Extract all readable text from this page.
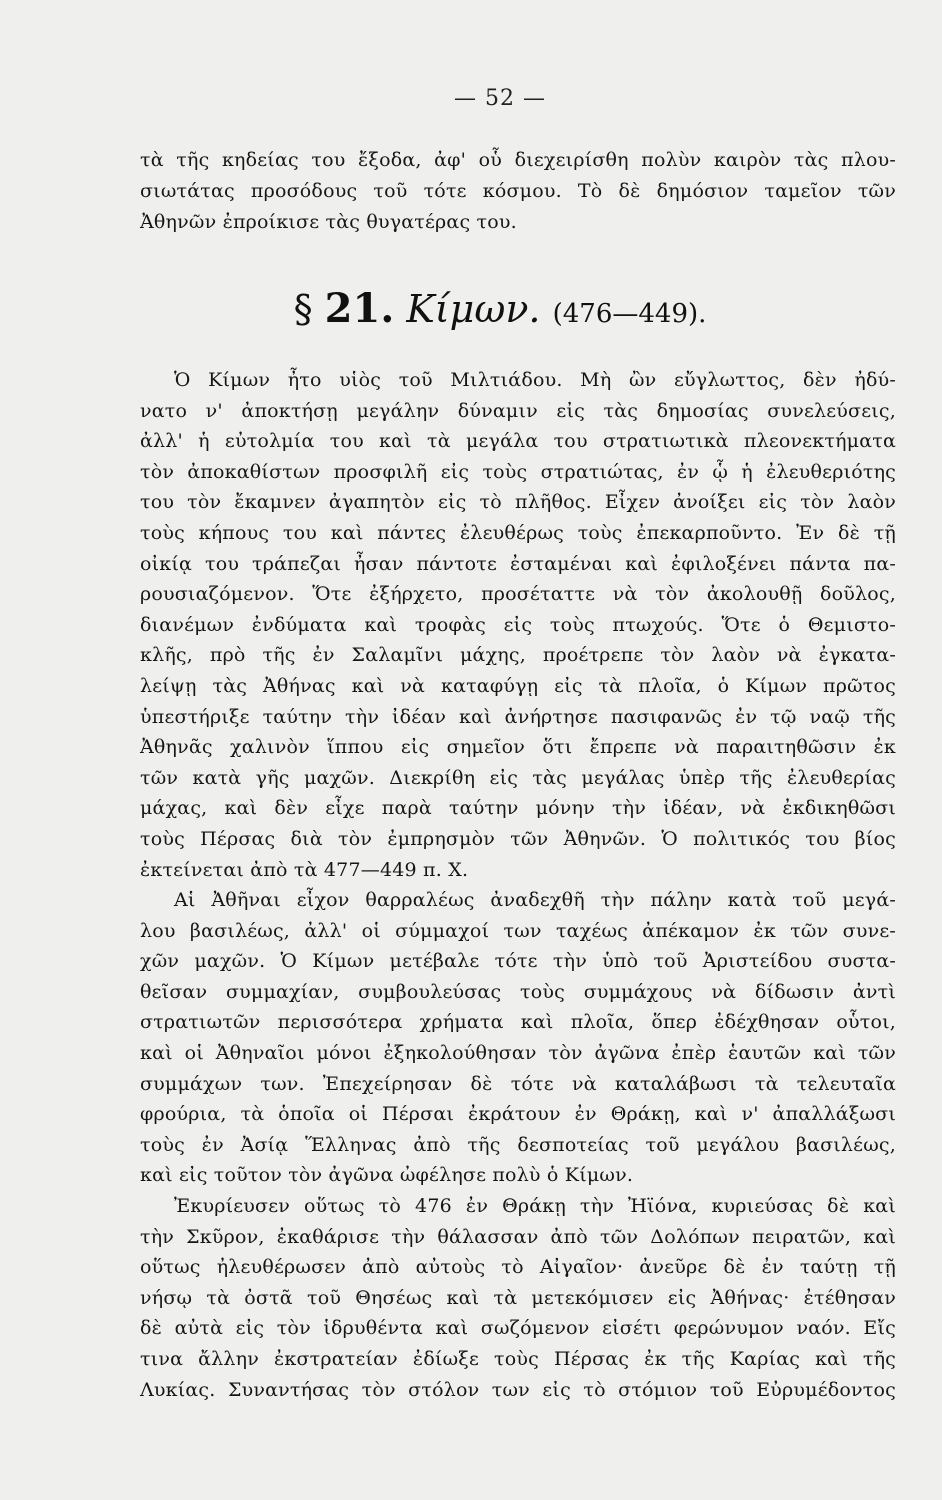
— 52 —
τὰ τῆς κηδείας του ἔξοδα, ἀφ' οὗ διεχειρίσθη πολὺν καιρὸν τὰς πλου-
σιωτάτας προσόδους τοῦ τότε κόσμου. Τὸ δὲ δημόσιον ταμεῖον τῶν
Ἀθηνῶν ἐπροίκισε τὰς θυγατέρας του.
§ 21. Κίμων. (476—449).
Ὁ Κίμων ἦτο υἱὸς τοῦ Μιλτιάδου. Μὴ ὢν εὔγλωττος, δὲν ἠδύ-
νατο ν' ἀποκτήσῃ μεγάλην δύναμιν εἰς τὰς δημοσίας συνελεύσεις,
ἀλλ' ἡ εὐτολμία του καὶ τὰ μεγάλα του στρατιωτικὰ πλεονεκτήματα
τὸν ἀποκαθίστων προσφιλῆ εἰς τοὺς στρατιώτας, ἐν ᾧ ἡ ἐλευθεριότης
του τὸν ἔκαμνεν ἀγαπητὸν εἰς τὸ πλῆθος. Εἶχεν ἀνοίξει εἰς τὸν λαὸν
τοὺς κήπους του καὶ πάντες ἐλευθέρως τοὺς ἐπεκαρποῦντο. Ἐν δὲ τῇ
οἰκίᾳ του τράπεζαι ἦσαν πάντοτε ἐσταμέναι καὶ ἐφιλοξένει πάντα πα-
ρουσιαζόμενον. Ὅτε ἐξήρχετο, προσέταττε νὰ τὸν ἀκολουθῇ δοῦλος,
διανέμων ἐνδύματα καὶ τροφὰς εἰς τοὺς πτωχούς. Ὅτε ὁ Θεμιστο-
κλῆς, πρὸ τῆς ἐν Σαλαμῖνι μάχης, προέτρεπε τὸν λαὸν νὰ ἐγκατα-
λείψῃ τὰς Ἀθήνας καὶ νὰ καταφύγῃ εἰς τὰ πλοῖα, ὁ Κίμων πρῶτος
ὑπεστήριξε ταύτην τὴν ἰδέαν καὶ ἀνήρτησε πασιφανῶς ἐν τῷ ναῷ τῆς
Ἀθηνᾶς χαλινὸν ἵππου εἰς σημεῖον ὅτι ἔπρεπε νὰ παραιτηθῶσιν ἐκ
τῶν κατὰ γῆς μαχῶν. Διεκρίθη εἰς τὰς μεγάλας ὑπὲρ τῆς ἐλευθερίας
μάχας, καὶ δὲν εἶχε παρὰ ταύτην μόνην τὴν ἰδέαν, νὰ ἐκδικηθῶσι
τοὺς Πέρσας διὰ τὸν ἐμπρησμὸν τῶν Ἀθηνῶν. Ὁ πολιτικός του βίος
ἐκτείνεται ἀπὸ τὰ 477—449 π. Χ.
Αἱ Ἀθῆναι εἶχον θαρραλέως ἀναδεχθῆ τὴν πάλην κατὰ τοῦ μεγά-
λου βασιλέως, ἀλλ' οἱ σύμμαχοί των ταχέως ἀπέκαμον ἐκ τῶν συνε-
χῶν μαχῶν. Ὁ Κίμων μετέβαλε τότε τὴν ὑπὸ τοῦ Ἀριστείδου συστα-
θεῖσαν συμμαχίαν, συμβουλεύσας τοὺς συμμάχους νὰ δίδωσιν ἀντὶ
στρατιωτῶν περισσότερα χρήματα καὶ πλοῖα, ὅπερ ἐδέχθησαν οὗτοι,
καὶ οἱ Ἀθηναῖοι μόνοι ἐξηκολούθησαν τὸν ἀγῶνα ἐπὲρ ἑαυτῶν καὶ τῶν
συμμάχων των. Ἐπεχείρησαν δὲ τότε νὰ καταλάβωσι τὰ τελευταῖα
φρούρια, τὰ ὁποῖα οἱ Πέρσαι ἐκράτουν ἐν Θράκῃ, καὶ ν' ἀπαλλάξωσι
τοὺς ἐν Ἀσίᾳ Ἕλληνας ἀπὸ τῆς δεσποτείας τοῦ μεγάλου βασιλέως,
καὶ εἰς τοῦτον τὸν ἀγῶνα ὠφέλησε πολὺ ὁ Κίμων.
Ἐκυρίευσεν οὕτως τὸ 476 ἐν Θράκῃ τὴν Ἠϊόνα, κυριεύσας δὲ καὶ
τὴν Σκῦρον, ἐκαθάρισε τὴν θάλασσαν ἀπὸ τῶν Δολόπων πειρατῶν, καὶ
οὕτως ἠλευθέρωσεν ἀπὸ αὐτοὺς τὸ Αἰγαῖον· ἀνεῦρε δὲ ἐν ταύτῃ τῇ
νήσῳ τὰ ὀστᾶ τοῦ Θησέως καὶ τὰ μετεκόμισεν εἰς Ἀθήνας· ἐτέθησαν
δὲ αὐτὰ εἰς τὸν ἱδρυθέντα καὶ σωζόμενον εἰσέτι φερώνυμον ναόν. Εἴς
τινα ἄλλην ἐκστρατείαν ἐδίωξε τοὺς Πέρσας ἐκ τῆς Καρίας καὶ τῆς
Λυκίας. Συναντήσας τὸν στόλον των εἰς τὸ στόμιον τοῦ Εὐρυμέδοντος
